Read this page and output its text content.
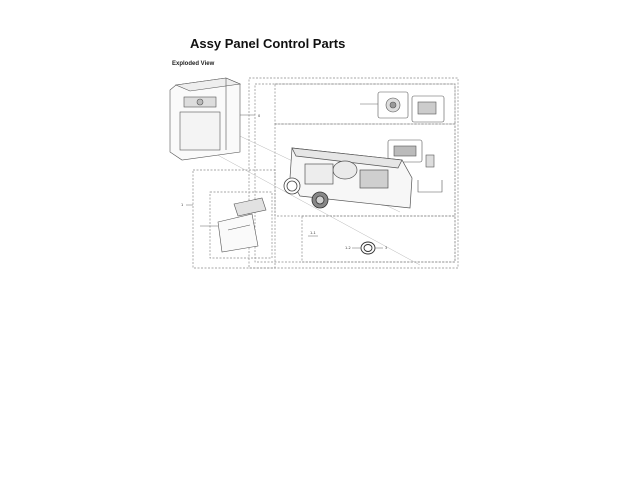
Assy Panel Control Parts
Exploded View
0
1
1-2	3
1-1
